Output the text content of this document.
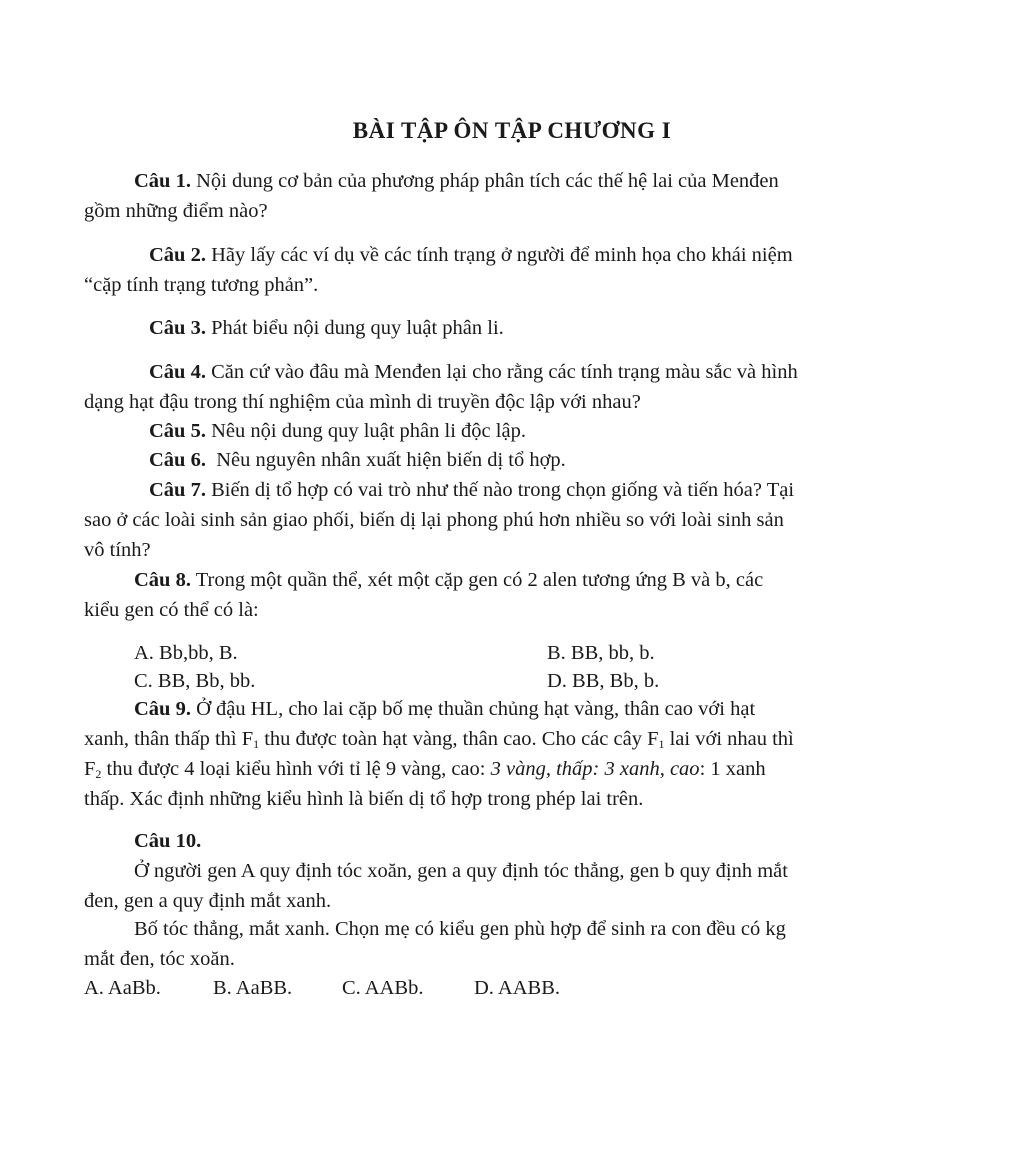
BÀI TẬP ÔN TẬP CHƯƠNG I
Câu 1. Nội dung cơ bản của phương pháp phân tích các thế hệ lai của Menđen
gồm những điểm nào?
Câu 2. Hãy lấy các ví dụ về các tính trạng ở người để minh họa cho khái niệm
“cặp tính trạng tương phản”.
Câu 3. Phát biểu nội dung quy luật phân li.
Câu 4. Căn cứ vào đâu mà Menđen lại cho rằng các tính trạng màu sắc và hình
dạng hạt đậu trong thí nghiệm của mình di truyền độc lập với nhau?
Câu 5. Nêu nội dung quy luật phân li độc lập.
Câu 6.  Nêu nguyên nhân xuất hiện biến dị tổ hợp.
Câu 7. Biến dị tổ hợp có vai trò như thế nào trong chọn giống và tiến hóa? Tại
sao ở các loài sinh sản giao phối, biến dị lại phong phú hơn nhiều so với loài sinh sản
vô tính?
Câu 8. Trong một quần thể, xét một cặp gen có 2 alen tương ứng B và b, các
kiểu gen có thể có là:
A. Bb,bb, B.	B. BB, bb, b.
C. BB, Bb, bb.	D. BB, Bb, b.
Câu 9. Ở đậu HL, cho lai cặp bố mẹ thuần chủng hạt vàng, thân cao với hạt
xanh, thân thấp thì $F_1$ thu được toàn hạt vàng, thân cao. Cho các cây $F_1$ lai với nhau thì
$F_2$ thu được 4 loại kiểu hình với tỉ lệ 9 vàng, cao: 3 vàng, thấp: 3 xanh, cao: 1 xanh
thấp. Xác định những kiểu hình là biến dị tổ hợp trong phép lai trên.
Câu 10.
Ở người gen A quy định tóc xoăn, gen a quy định tóc thẳng, gen b quy định mắt
đen, gen a quy định mắt xanh.
Bố tóc thẳng, mắt xanh. Chọn mẹ có kiểu gen phù hợp để sinh ra con đều có kg
mắt đen, tóc xoăn.
A. AaBb.	B. AaBB. C. AABb. D. AABB.
